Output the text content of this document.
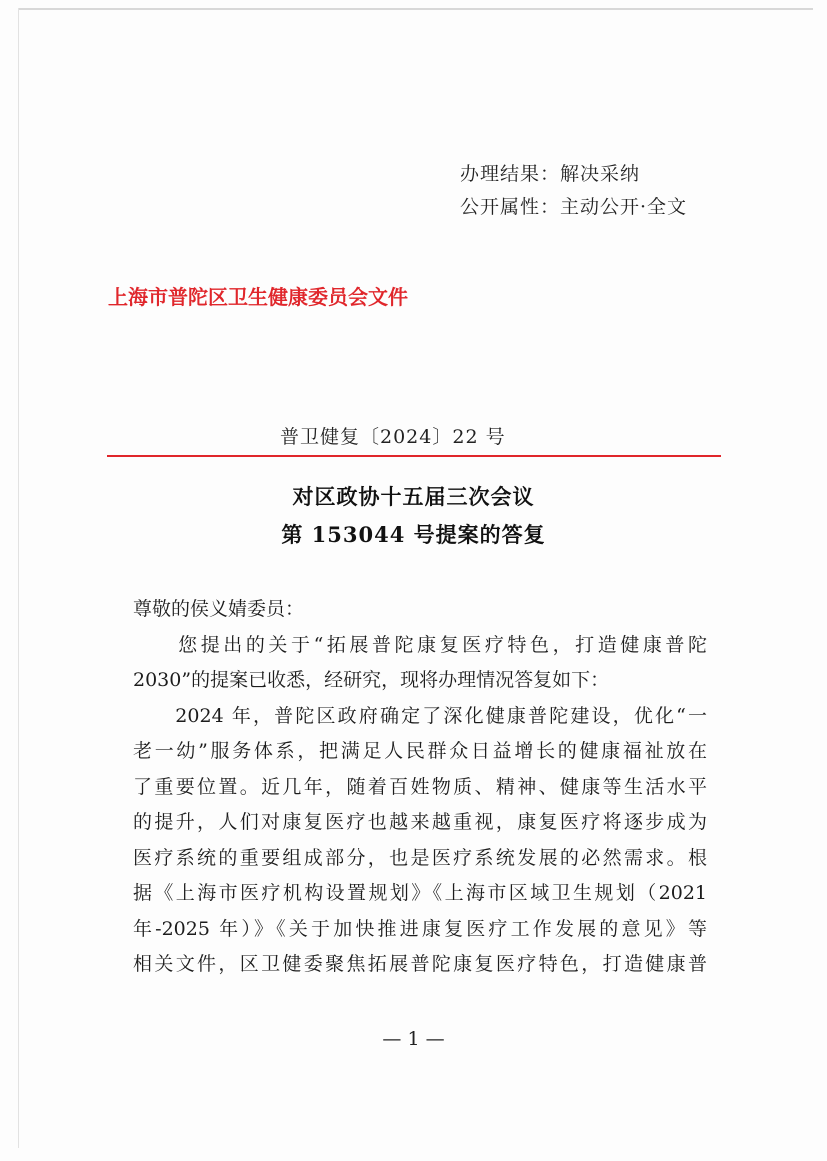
办理结果：解决采纳
公开属性：主动公开·全文
上海市普陀区卫生健康委员会文件
普卫健复〔2024〕22 号
对区政协十五届三次会议
第 153044 号提案的答复
尊敬的侯义婧委员：
　　您提出的关于“拓展普陀康复医疗特色，打造健康普陀
2030”的提案已收悉，经研究，现将办理情况答复如下：
　　2024 年，普陀区政府确定了深化健康普陀建设，优化“一
老一幼”服务体系，把满足人民群众日益增长的健康福祉放在
了重要位置。近几年，随着百姓物质、精神、健康等生活水平
的提升，人们对康复医疗也越来越重视，康复医疗将逐步成为
医疗系统的重要组成部分，也是医疗系统发展的必然需求。根
据《上海市医疗机构设置规划》《上海市区域卫生规划（2021
年-2025 年）》《关于加快推进康复医疗工作发展的意见》等
相关文件，区卫健委聚焦拓展普陀康复医疗特色，打造健康普
— 1 —
